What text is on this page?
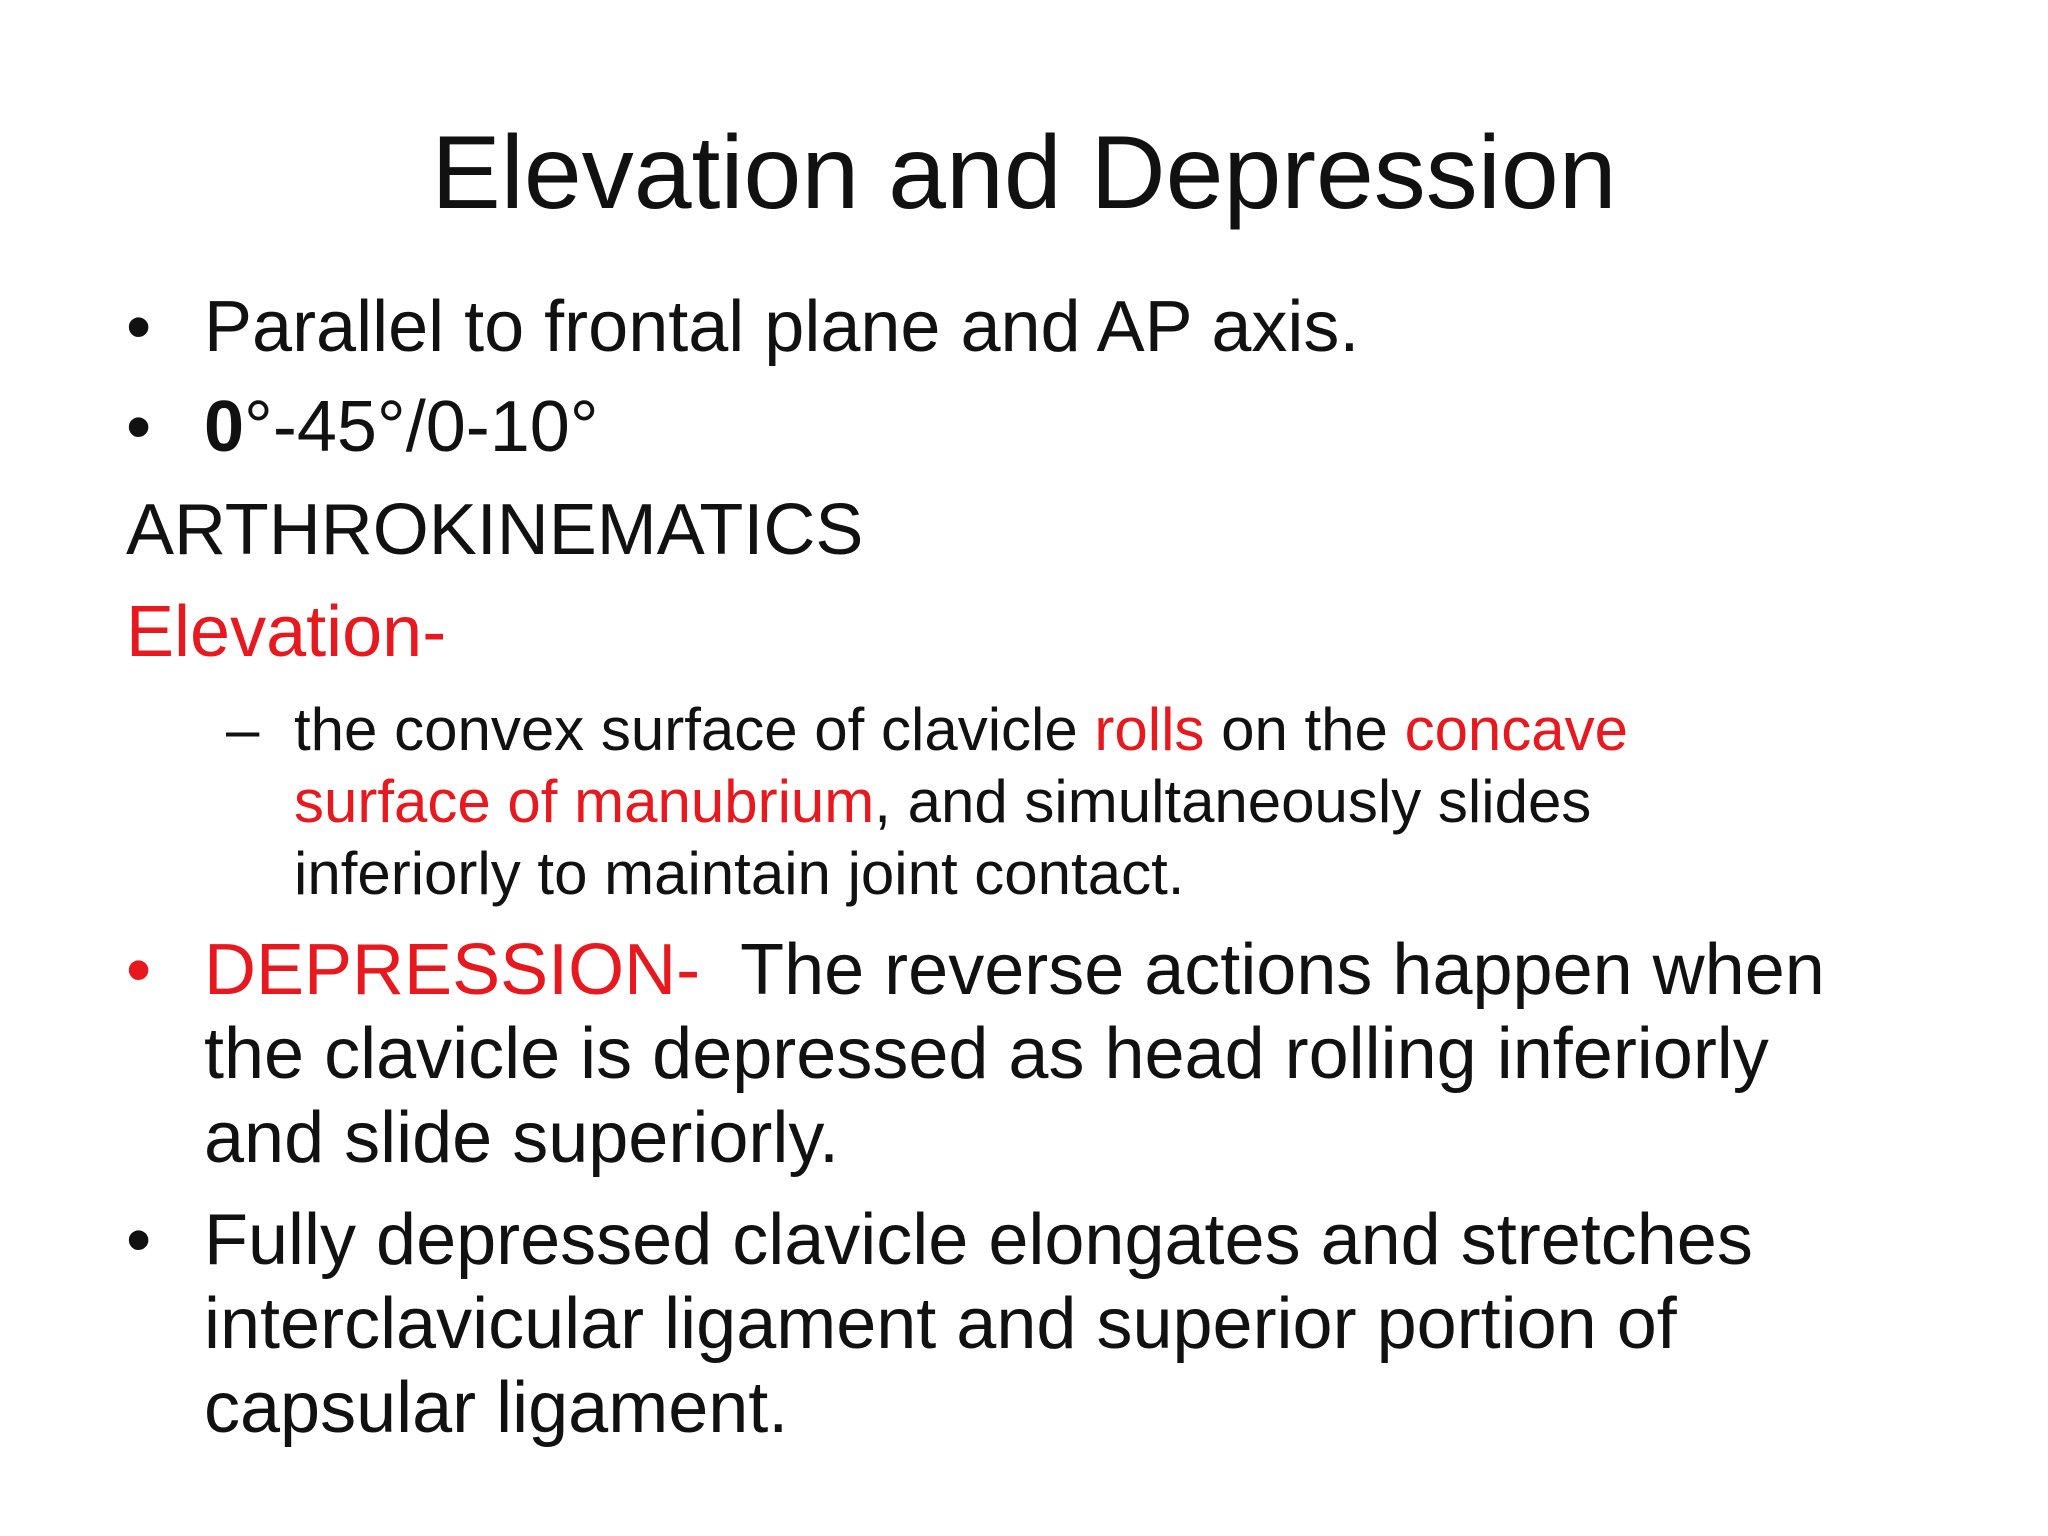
Elevation and Depression
• Parallel to frontal plane and AP axis.
• 0°-45°/0-10°
ARTHROKINEMATICS
Elevation-
– the convex surface of clavicle rolls on the concave
surface of manubrium, and simultaneously slides
inferiorly to maintain joint contact.
• DEPRESSION- The reverse actions happen when
the clavicle is depressed as head rolling inferiorly
and slide superiorly.
• Fully depressed clavicle elongates and stretches
interclavicular ligament and superior portion of
capsular ligament.
